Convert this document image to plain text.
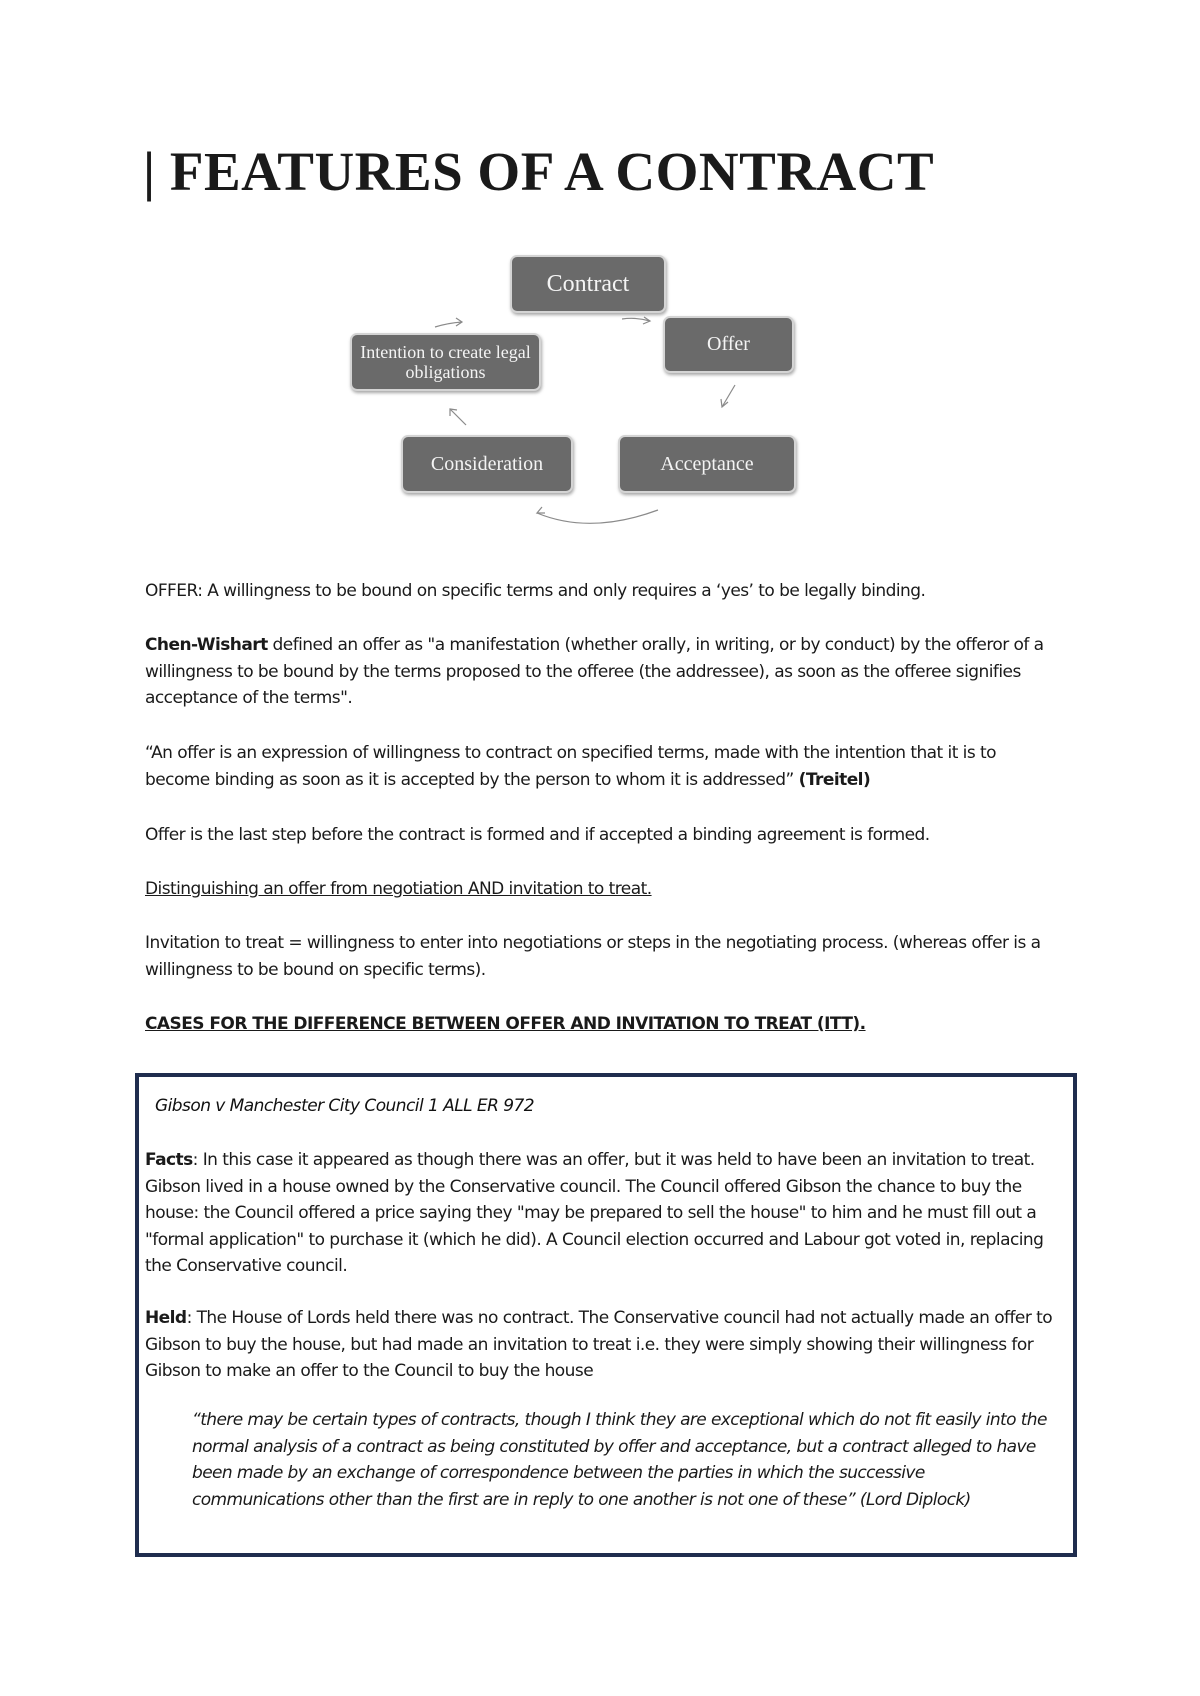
| FEATURES OF A CONTRACT
Contract
Offer
Acceptance
Consideration
Intention to create legal obligations

OFFER: A willingness to be bound on specific terms and only requires a ‘yes’ to be legally binding.

Chen-Wishart defined an offer as "a manifestation (whether orally, in writing, or by conduct) by the offeror of a willingness to be bound by the terms proposed to the offeree (the addressee), as soon as the offeree signifies acceptance of the terms".

“An offer is an expression of willingness to contract on specified terms, made with the intention that it is to become binding as soon as it is accepted by the person to whom it is addressed” (Treitel)

Offer is the last step before the contract is formed and if accepted a binding agreement is formed.

Distinguishing an offer from negotiation AND invitation to treat.

Invitation to treat = willingness to enter into negotiations or steps in the negotiating process. (whereas offer is a willingness to be bound on specific terms).

CASES FOR THE DIFFERENCE BETWEEN OFFER AND INVITATION TO TREAT (ITT).

Gibson v Manchester City Council 1 ALL ER 972

Facts: In this case it appeared as though there was an offer, but it was held to have been an invitation to treat. Gibson lived in a house owned by the Conservative council. The Council offered Gibson the chance to buy the house: the Council offered a price saying they "may be prepared to sell the house" to him and he must fill out a "formal application" to purchase it (which he did). A Council election occurred and Labour got voted in, replacing the Conservative council.

Held: The House of Lords held there was no contract. The Conservative council had not actually made an offer to Gibson to buy the house, but had made an invitation to treat i.e. they were simply showing their willingness for Gibson to make an offer to the Council to buy the house

“there may be certain types of contracts, though I think they are exceptional which do not fit easily into the normal analysis of a contract as being constituted by offer and acceptance, but a contract alleged to have been made by an exchange of correspondence between the parties in which the successive communications other than the first are in reply to one another is not one of these” (Lord Diplock)
